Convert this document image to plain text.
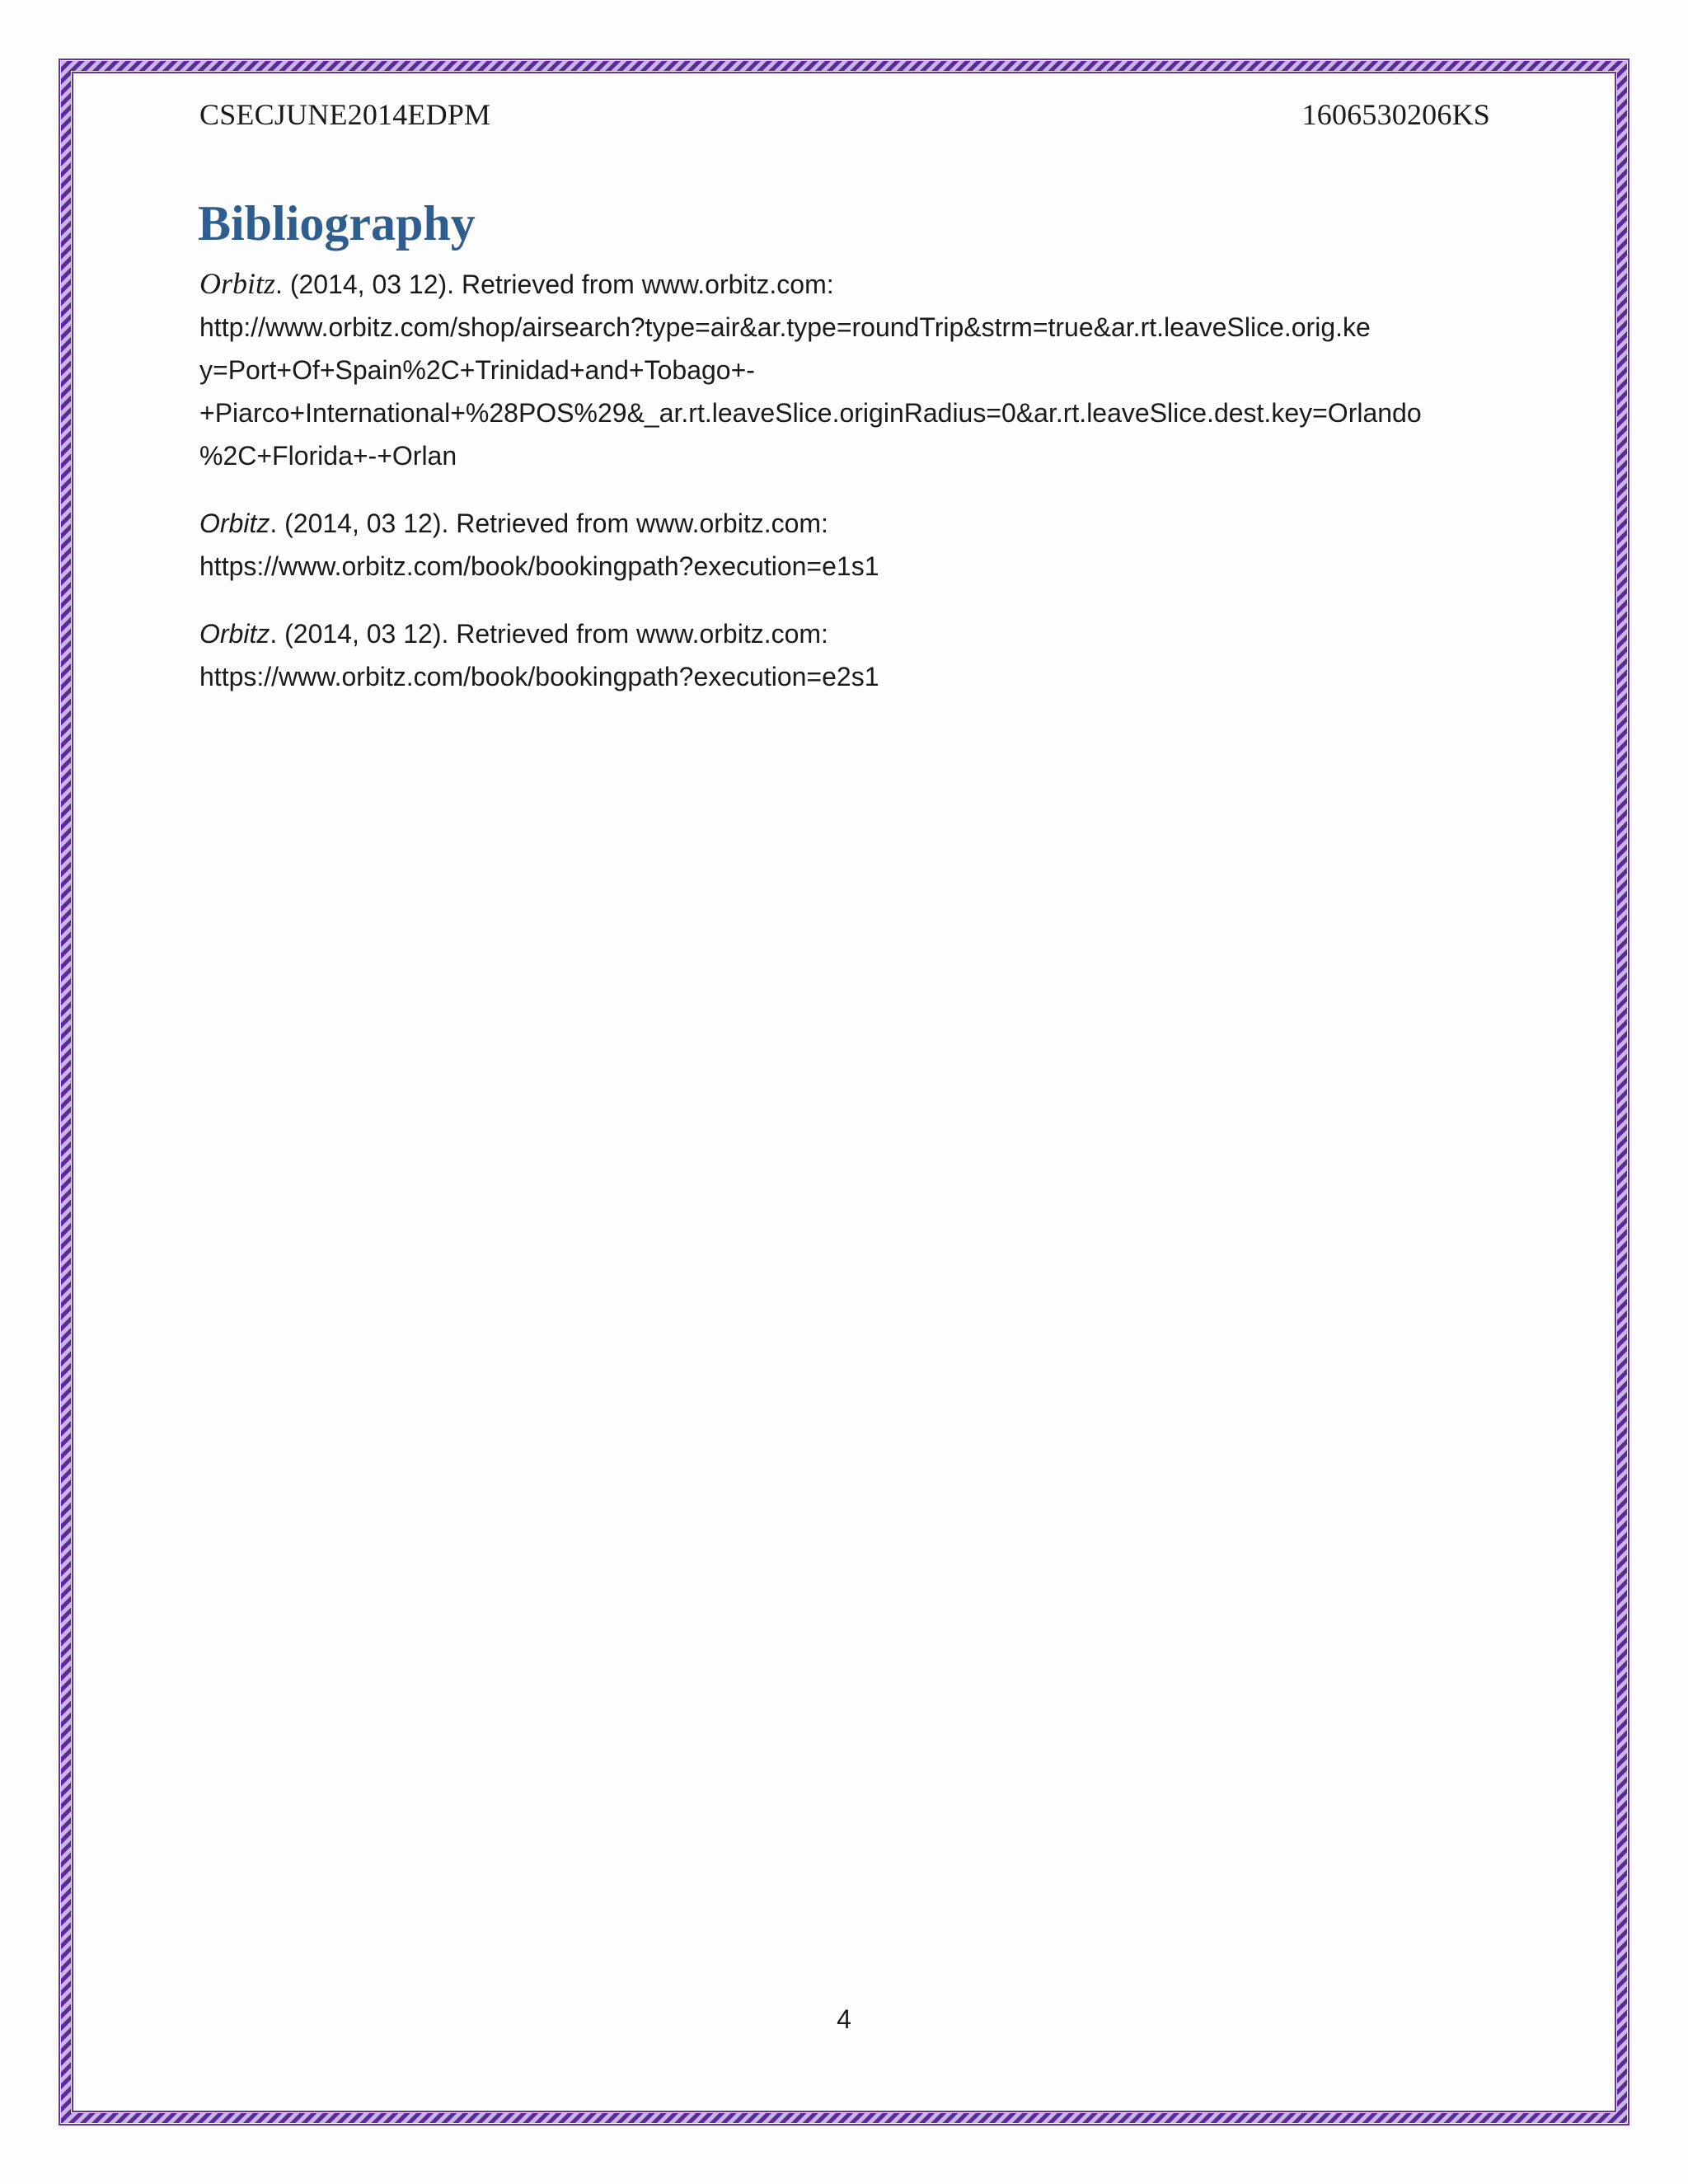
CSECJUNE2014EDPM	1606530206KS
Bibliography

Orbitz. (2014, 03 12). Retrieved from www.orbitz.com:
http://www.orbitz.com/shop/airsearch?type=air&ar.type=roundTrip&strm=true&ar.rt.leaveSlice.orig.ke
y=Port+Of+Spain%2C+Trinidad+and+Tobago+-
+Piarco+International+%28POS%29&_ar.rt.leaveSlice.originRadius=0&ar.rt.leaveSlice.dest.key=Orlando
%2C+Florida+-+Orlan

Orbitz. (2014, 03 12). Retrieved from www.orbitz.com:
https://www.orbitz.com/book/bookingpath?execution=e1s1

Orbitz. (2014, 03 12). Retrieved from www.orbitz.com:
https://www.orbitz.com/book/bookingpath?execution=e2s1

4
